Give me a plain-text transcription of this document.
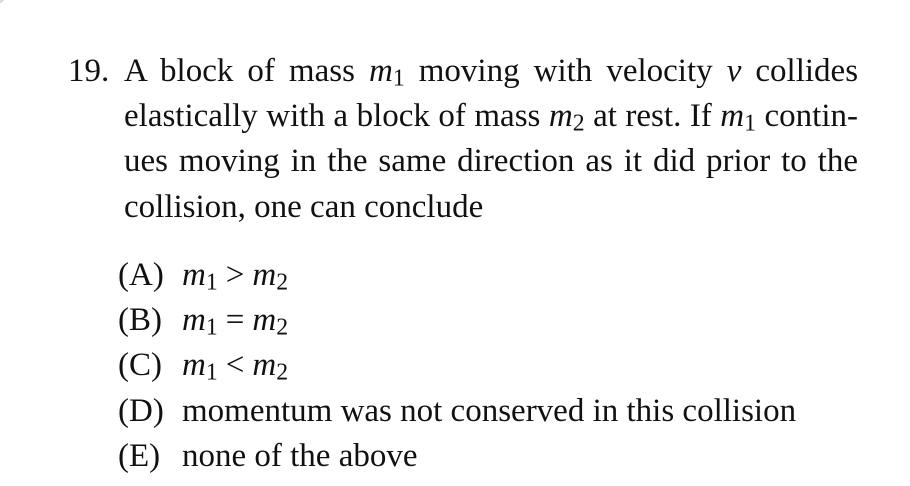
19. A block of mass m1 moving with velocity v collides
elastically with a block of mass m2 at rest. If m1 contin-
ues moving in the same direction as it did prior to the
collision, one can conclude
(A) m1 > m2
(B) m1 = m2
(C) m1 < m2
(D) momentum was not conserved in this collision
(E) none of the above
